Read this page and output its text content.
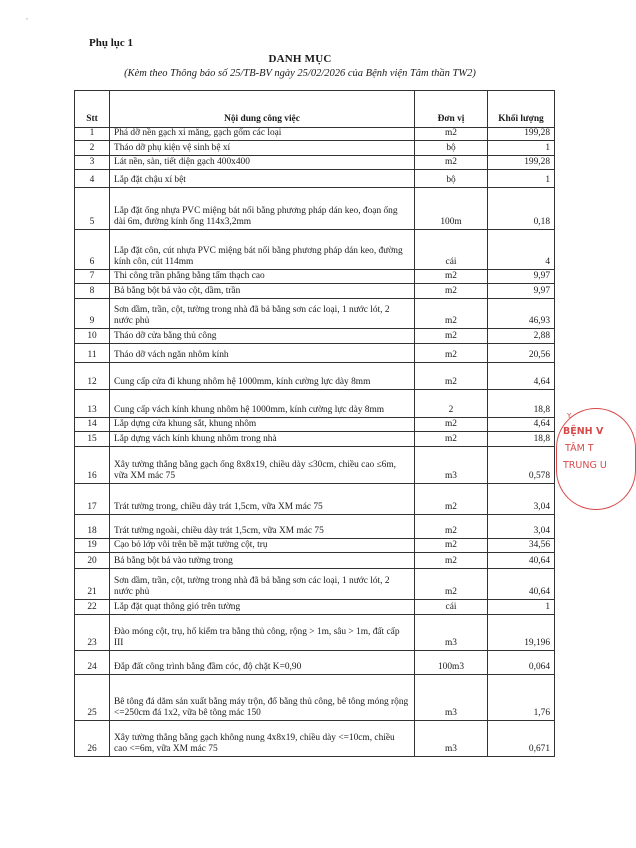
,
Phụ lục 1
DANH MỤC
(Kèm theo Thông báo số 25/TB-BV ngày 25/02/2026 của Bệnh viện Tâm thần TW2)
Stt	Nội dung công việc	Đơn vị	Khối lượng
1	Phá dỡ nền gạch xi măng, gạch gốm các loại	m2	199,28
2	Tháo dỡ phụ kiện vệ sinh bệ xí	bộ	1
3	Lát nền, sàn, tiết diện gạch 400x400	m2	199,28
4	Lắp đặt chậu xí bệt	bộ	1
5	Lắp đặt ống nhựa PVC miệng bát nối bằng phương pháp dán keo, đoạn ống dài 6m, đường kính ống 114x3,2mm	100m	0,18
6	Lắp đặt côn, cút nhựa PVC miệng bát nối bằng phương pháp dán keo, đường kính côn, cút 114mm	cái	4
7	Thi công trần phẳng bằng tấm thạch cao	m2	9,97
8	Bả bằng bột bả vào cột, dầm, trần	m2	9,97
9	Sơn dầm, trần, cột, tường trong nhà đã bả bằng sơn các loại, 1 nước lót, 2 nước phủ	m2	46,93
10	Tháo dỡ cửa bằng thủ công	m2	2,88
11	Tháo dỡ vách ngăn nhôm kính	m2	20,56
12	Cung cấp cửa đi khung nhôm hệ 1000mm, kính cường lực dày 8mm	m2	4,64
13	Cung cấp vách kính khung nhôm hệ 1000mm, kính cường lực dày 8mm	2	18,8
14	Lắp dựng cửa khung sắt, khung nhôm	m2	4,64
15	Lắp dựng vách kính khung nhôm trong nhà	m2	18,8
16	Xây tường thẳng bằng gạch ống 8x8x19, chiều dày ≤30cm, chiều cao ≤6m, vữa XM mác 75	m3	0,578
17	Trát tường trong, chiều dày trát 1,5cm, vữa XM mác 75	m2	3,04
18	Trát tường ngoài, chiều dày trát 1,5cm, vữa XM mác 75	m2	3,04
19	Cạo bỏ lớp vôi trên bề mặt tường cột, trụ	m2	34,56
20	Bả bằng bột bả vào tường trong	m2	40,64
21	Sơn dầm, trần, cột, tường trong nhà đã bả bằng sơn các loại, 1 nước lót, 2 nước phủ	m2	40,64
22	Lắp đặt quạt thông gió trên tường	cái	1
23	Đào móng cột, trụ, hố kiểm tra bằng thủ công, rộng > 1m, sâu > 1m, đất cấp III	m3	19,196
24	Đắp đất công trình bằng đầm cóc, độ chặt K=0,90	100m3	0,064
25	Bê tông đá dăm sản xuất bằng máy trộn, đổ bằng thủ công, bê tông móng rộng <=250cm đá 1x2, vữa bê tông mác 150	m3	1,76
26	Xây tường thẳng bằng gạch không nung 4x8x19, chiều dày <=10cm, chiều cao <=6m, vữa XM mác 75	m3	0,671
Y
BỆNH V
TÂM T
TRUNG U
